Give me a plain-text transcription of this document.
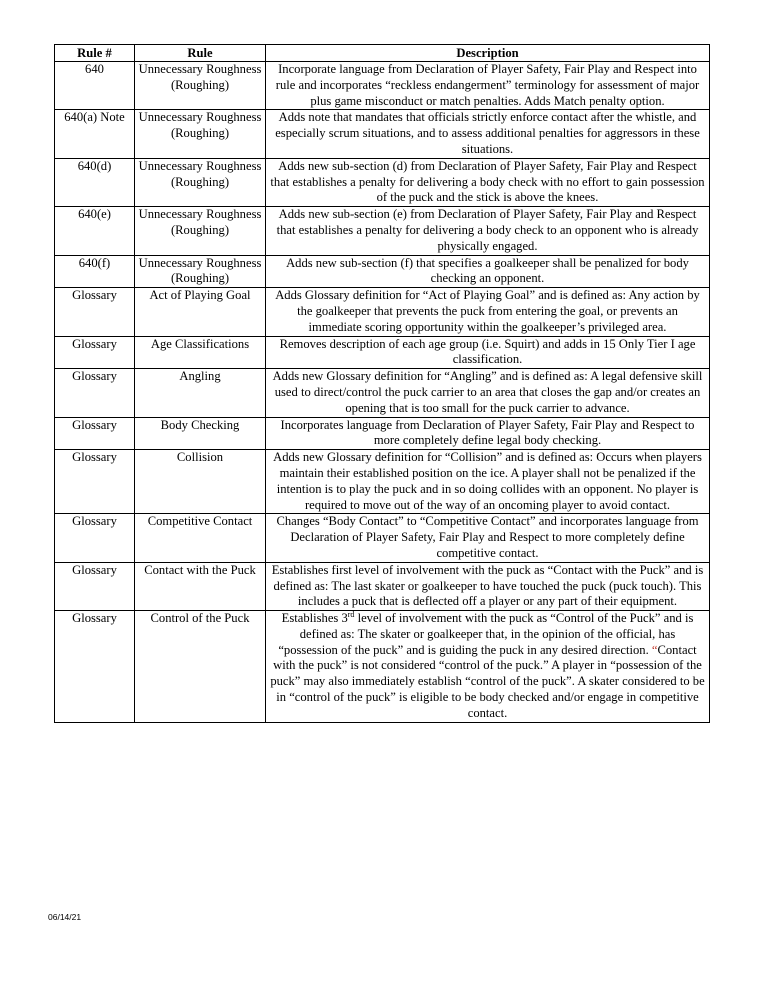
Rule #	Rule	Description
640	Unnecessary Roughness (Roughing)	Incorporate language from Declaration of Player Safety, Fair Play and Respect into rule and incorporates “reckless endangerment” terminology for assessment of major plus game misconduct or match penalties. Adds Match penalty option.
640(a) Note	Unnecessary Roughness (Roughing)	Adds note that mandates that officials strictly enforce contact after the whistle, and especially scrum situations, and to assess additional penalties for aggressors in these situations.
640(d)	Unnecessary Roughness (Roughing)	Adds new sub-section (d) from Declaration of Player Safety, Fair Play and Respect that establishes a penalty for delivering a body check with no effort to gain possession of the puck and the stick is above the knees.
640(e)	Unnecessary Roughness (Roughing)	Adds new sub-section (e) from Declaration of Player Safety, Fair Play and Respect that establishes a penalty for delivering a body check to an opponent who is already physically engaged.
640(f)	Unnecessary Roughness (Roughing)	Adds new sub-section (f) that specifies a goalkeeper shall be penalized for body checking an opponent.
Glossary	Act of Playing Goal	Adds Glossary definition for “Act of Playing Goal” and is defined as: Any action by the goalkeeper that prevents the puck from entering the goal, or prevents an immediate scoring opportunity within the goalkeeper’s privileged area.
Glossary	Age Classifications	Removes description of each age group (i.e. Squirt) and adds in 15 Only Tier I age classification.
Glossary	Angling	Adds new Glossary definition for “Angling” and is defined as: A legal defensive skill used to direct/control the puck carrier to an area that closes the gap and/or creates an opening that is too small for the puck carrier to advance.
Glossary	Body Checking	Incorporates language from Declaration of Player Safety, Fair Play and Respect to more completely define legal body checking.
Glossary	Collision	Adds new Glossary definition for “Collision” and is defined as: Occurs when players maintain their established position on the ice. A player shall not be penalized if the intention is to play the puck and in so doing collides with an opponent. No player is required to move out of the way of an oncoming player to avoid contact.
Glossary	Competitive Contact	Changes “Body Contact” to “Competitive Contact” and incorporates language from Declaration of Player Safety, Fair Play and Respect to more completely define competitive contact.
Glossary	Contact with the Puck	Establishes first level of involvement with the puck as “Contact with the Puck” and is defined as: The last skater or goalkeeper to have touched the puck (puck touch). This includes a puck that is deflected off a player or any part of their equipment.
Glossary	Control of the Puck	Establishes 3rd level of involvement with the puck as “Control of the Puck” and is defined as: The skater or goalkeeper that, in the opinion of the official, has “possession of the puck” and is guiding the puck in any desired direction. “Contact with the puck” is not considered “control of the puck.” A player in “possession of the puck” may also immediately establish “control of the puck”. A skater considered to be in “control of the puck” is eligible to be body checked and/or engage in competitive contact.
06/14/21
